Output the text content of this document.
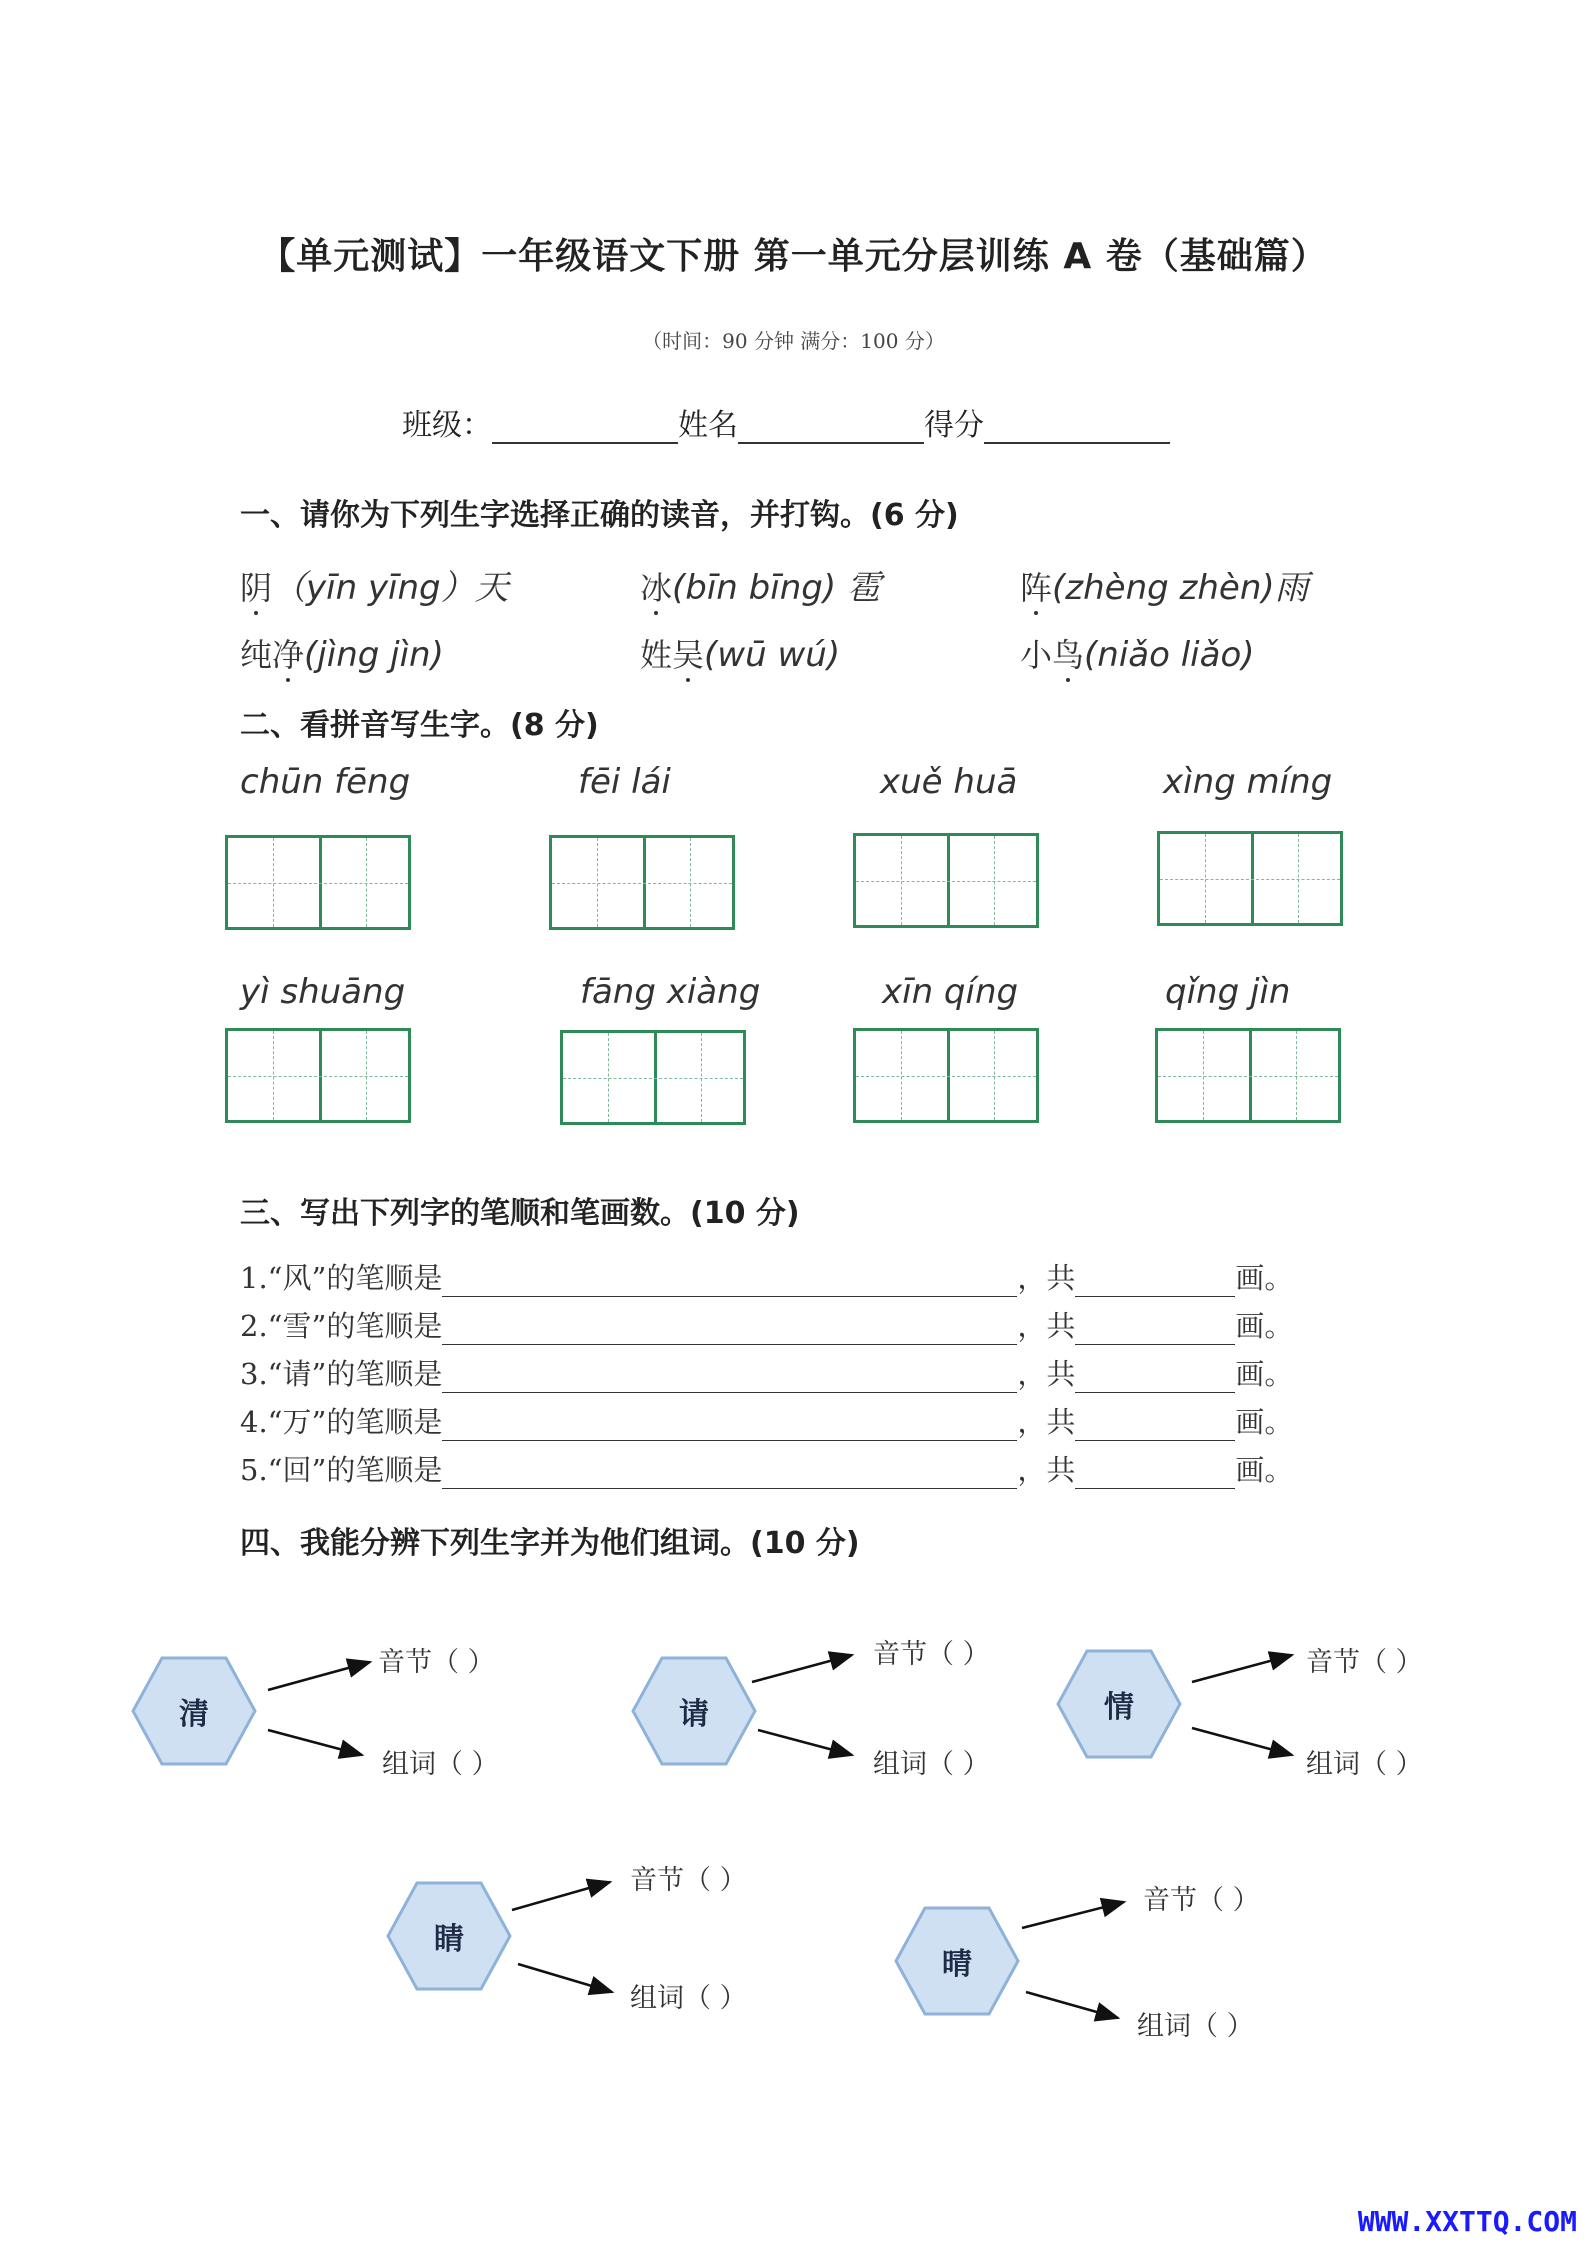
【单元测试】一年级语文下册 第一单元分层训练 A 卷（基础篇）
（时间：90 分钟 满分：100 分）
班级：	姓名	得分
一、请你为下列生字选择正确的读音，并打钩。(6 分)
阴（yīn yīng）天	冰(bīn bīng) 雹	阵(zhèng zhèn)雨
纯净(jìng jìn)	姓吴(wū wú)	小鸟(niǎo liǎo)
二、看拼音写生字。(8 分)
chūn fēng	fēi lái	xuě huā	xìng míng
yì shuāng	fāng xiàng	xīn qíng	qǐng jìn
三、写出下列字的笔顺和笔画数。(10 分)
1.“风”的笔顺是	，共	画。
2.“雪”的笔顺是	，共	画。
3.“请”的笔顺是	，共	画。
4.“万”的笔顺是	，共	画。
5.“回”的笔顺是	，共	画。
四、我能分辨下列生字并为他们组词。(10 分)
清
音节（ ）
组词（ ）
请
音节（ ）
组词（ ）
情
音节（ ）
组词（ ）
睛
音节（ ）
组词（ ）
晴
音节（ ）
组词（ ）
WWW.XXTTQ.COM
